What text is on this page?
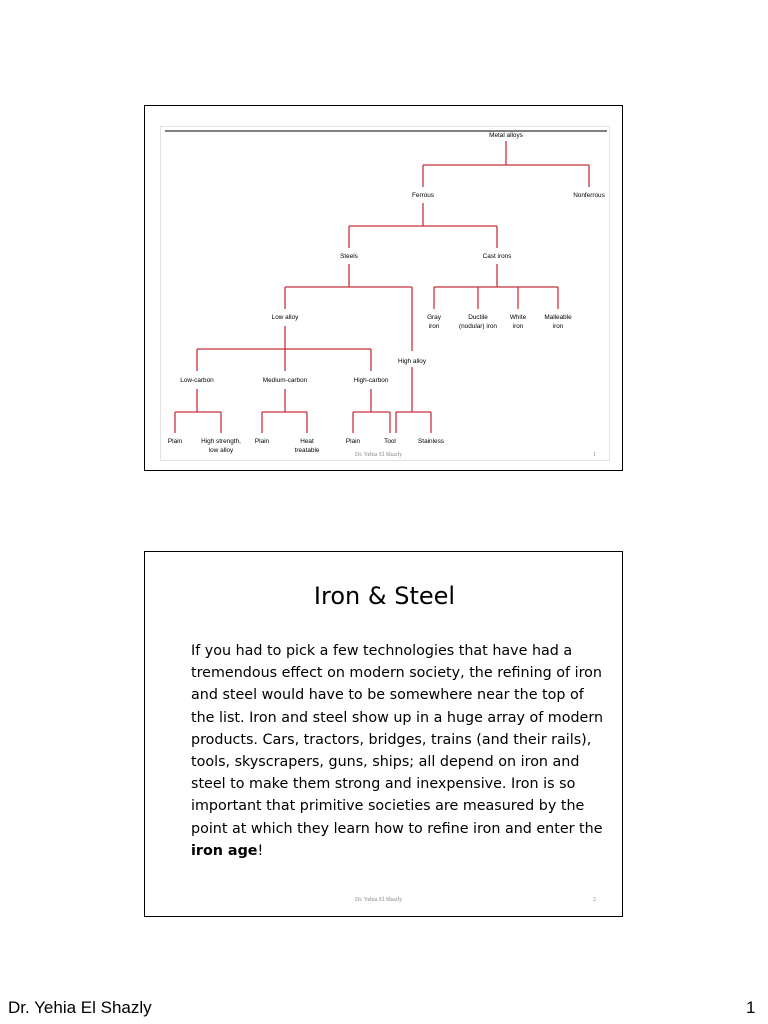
Metal alloys
Ferrous	Nonferrous
Steels	Cast irons
Low alloy
High alloy
Gray
iron
Ductile
(nodular) iron
White
iron
Malleable
iron
Low-carbon	Medium-carbon	High-carbon
Plain	High strength,
low alloy
Plain	Heat
treatable
Plain	Tool	Stainless
Dr. Yehia El Shazly	1
Iron & Steel

If you had to pick a few technologies that have had a tremendous effect on modern society, the refining of iron and steel would have to be somewhere near the top of the list. Iron and steel show up in a huge array of modern products. Cars, tractors, bridges, trains (and their rails), tools, skyscrapers, guns, ships; all depend on iron and steel to make them strong and inexpensive. Iron is so important that primitive societies are measured by the point at which they learn how to refine iron and enter the iron age!

Dr. Yehia El Shazly	2
Dr. Yehia El Shazly	1
